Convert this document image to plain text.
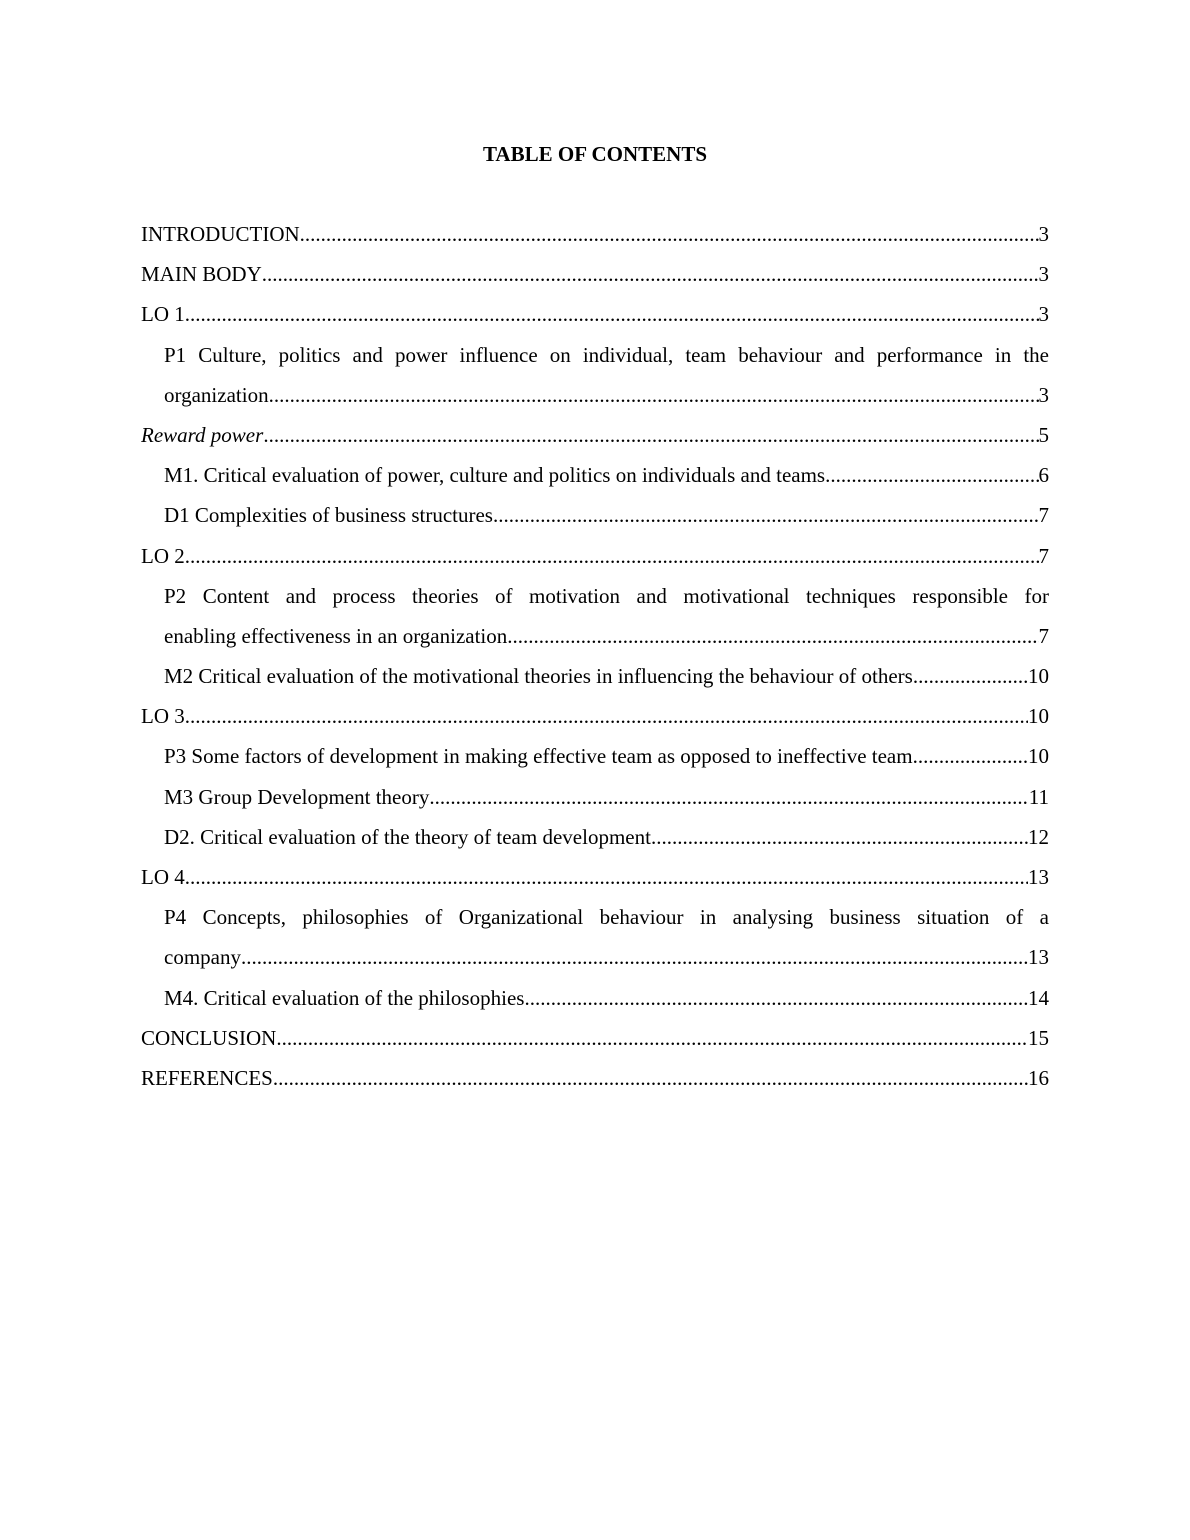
TABLE OF CONTENTS
INTRODUCTION .....	3
MAIN BODY .....	3
LO 1 .....	3
P1 Culture, politics and power influence on individual, team behaviour and performance in the
organization .....	3
Reward power .....	5
M1. Critical evaluation of power, culture and politics on individuals and teams .....	6
D1 Complexities of business structures .....	7
LO 2 .....	7
P2 Content and process theories of motivation and motivational techniques responsible for
enabling effectiveness in an organization .....	7
M2 Critical evaluation of the motivational theories in influencing the behaviour of others .....	10
LO 3 .....	10
P3 Some factors of development in making effective team as opposed to ineffective team .....	10
M3 Group Development theory .....	11
D2. Critical evaluation of the theory of team development .....	12
LO 4 .....	13
P4 Concepts, philosophies of Organizational behaviour in analysing business situation of a
company .....	13
M4. Critical evaluation of the philosophies .....	14
CONCLUSION .....	15
REFERENCES .....	16
